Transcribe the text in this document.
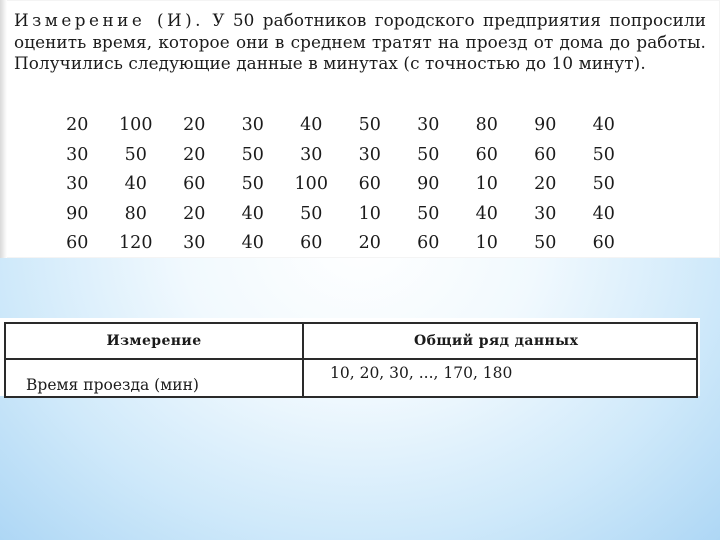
Измерение (И). У 50 работников городского предприятия попросили оценить время, которое они в среднем тратят на проезд от дома до работы. Получились следующие данные в минутах (с точностью до 10 минут).

20	100	20	30	40	50	30	80	90	40
30	50	20	50	30	30	50	60	60	50
30	40	60	50	100	60	90	10	20	50
90	80	20	40	50	10	50	40	30	40
60	120	30	40	60	20	60	10	50	60
Измерение	Общий ряд данных
Время проезда (мин)	10, 20, 30, ..., 170, 180
